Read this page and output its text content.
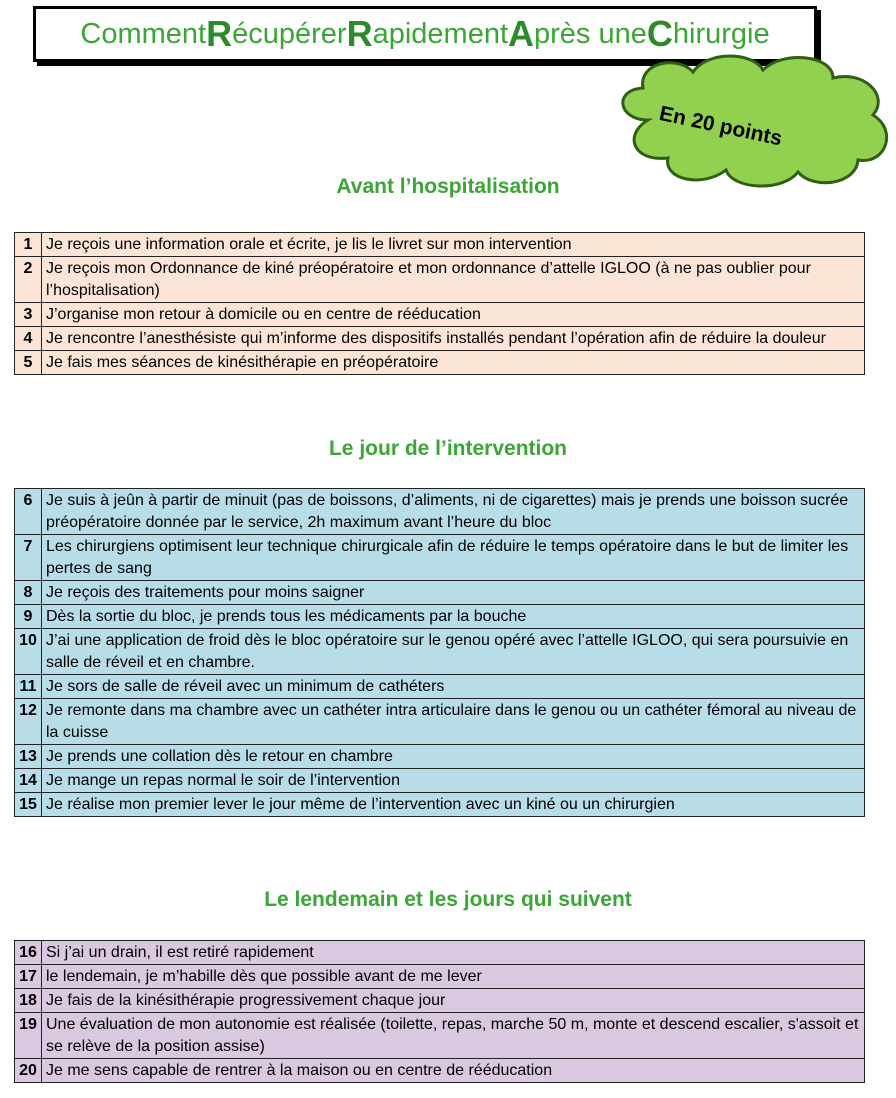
Comment R écupérer R apidement A près une C hirurgie
En 20 points
Avant l’hospitalisation
1	Je reçois une information orale et écrite, je lis le livret sur mon intervention
2	Je reçois mon Ordonnance de kiné préopératoire et mon ordonnance d’attelle IGLOO (à ne pas oublier pour l’hospitalisation)
3	J’organise mon retour à domicile ou en centre de rééducation
4	Je rencontre l’anesthésiste qui m’informe des dispositifs installés pendant l’opération afin de réduire la douleur
5	Je fais mes séances de kinésithérapie en préopératoire
Le jour de l’intervention
6	Je suis à jeûn à partir de minuit (pas de boissons, d’aliments, ni de cigarettes) mais je prends une boisson sucrée préopératoire donnée par le service, 2h maximum avant l’heure du bloc
7	Les chirurgiens optimisent leur technique chirurgicale afin de réduire le temps opératoire dans le but de limiter les pertes de sang
8	Je reçois des traitements pour moins saigner
9	Dès la sortie du bloc, je prends tous les médicaments par la bouche
10	J’ai une application de froid dès le bloc opératoire sur le genou opéré avec l’attelle IGLOO, qui sera poursuivie en salle de réveil et en chambre.
11	Je sors de salle de réveil avec un minimum de cathéters
12	Je remonte dans ma chambre avec un cathéter intra articulaire dans le genou ou un cathéter fémoral au niveau de la cuisse
13	Je prends une collation dès le retour en chambre
14	Je mange un repas normal le soir de l’intervention
15	Je réalise mon premier lever le jour même de l’intervention avec un kiné ou un chirurgien
Le lendemain et les jours qui suivent
16	Si j’ai un drain, il est retiré rapidement
17	le lendemain, je m’habille dès que possible avant de me lever
18	Je fais de la kinésithérapie progressivement chaque jour
19	Une évaluation de mon autonomie est réalisée (toilette, repas, marche 50 m, monte et descend escalier, s'assoit et se relève de la position assise)
20	Je me sens capable de rentrer à la maison ou en centre de rééducation
